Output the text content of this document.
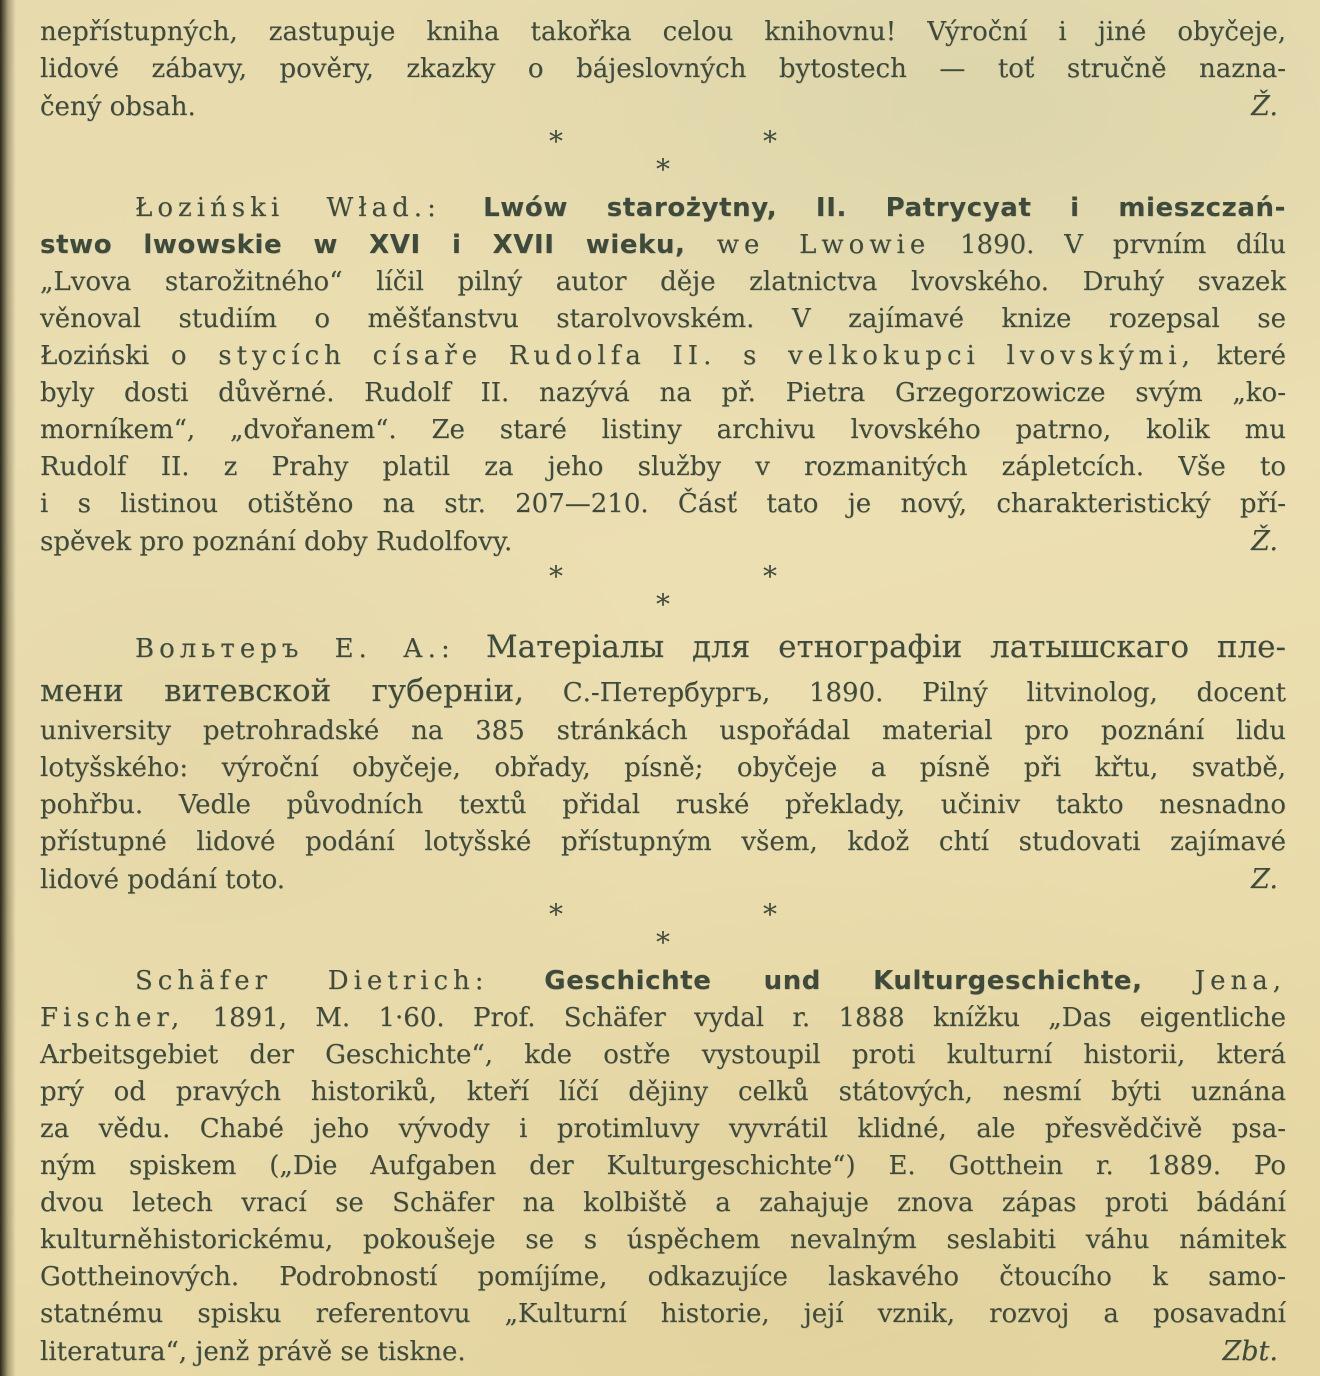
nepřístupných, zastupuje kniha takořka celou knihovnu! Výroční i jiné obyčeje,
lidové zábavy, pověry, zkazky o bájeslovných bytostech — toť stručně nazna-
čený obsah.	Ž.
*	*
*
Łoziński Wład.: Lwów starożytny, II. Patrycyat i mieszczań-
stwo lwowskie w XVI i XVII wieku, we Lwowie 1890. V prvním dílu
„Lvova starožitného“ líčil pilný autor děje zlatnictva lvovského. Druhý svazek
věnoval studiím o měšťanstvu starolvovském. V zajímavé knize rozepsal se
Łoziński o stycích císaře Rudolfa II. s velkokupci lvovskými, které
byly dosti důvěrné. Rudolf II. nazývá na př. Pietra Grzegorzowicze svým „ko-
morníkem“, „dvořanem“. Ze staré listiny archivu lvovského patrno, kolik mu
Rudolf II. z Prahy platil za jeho služby v rozmanitých zápletcích. Vše to
i s listinou otištěno na str. 207—210. Čásť tato je nový, charakteristický pří-
spěvek pro poznání doby Rudolfovy.	Ž.
*	*
*
Вольтеръ Е. А.: Матеріалы для етнографіи латышскаго пле-
мени витевской губерніи, С.-Петербургъ, 1890. Pilný litvinolog, docent
university petrohradské na 385 stránkách uspořádal material pro poznání lidu
lotyšského: výroční obyčeje, obřady, písně; obyčeje a písně při křtu, svatbě,
pohřbu. Vedle původních textů přidal ruské překlady, učiniv takto nesnadno
přístupné lidové podání lotyšské přístupným všem, kdož chtí studovati zajímavé
lidové podání toto.	Z.
*	*
*
Schäfer Dietrich: Geschichte und Kulturgeschichte, Jena,
Fischer, 1891, M. 1·60. Prof. Schäfer vydal r. 1888 knížku „Das eigentliche
Arbeitsgebiet der Geschichte“, kde ostře vystoupil proti kulturní historii, která
prý od pravých historiků, kteří líčí dějiny celků státových, nesmí býti uznána
za vědu. Chabé jeho vývody i protimluvy vyvrátil klidné, ale přesvědčivě psa-
ným spiskem („Die Aufgaben der Kulturgeschichte“) E. Gotthein r. 1889. Po
dvou letech vrací se Schäfer na kolbiště a zahajuje znova zápas proti bádání
kulturněhistorickému, pokoušeje se s úspěchem nevalným seslabiti váhu námitek
Gottheinových. Podrobností pomíjíme, odkazujíce laskavého čtoucího k samo-
statnému spisku referentovu „Kulturní historie, její vznik, rozvoj a posavadní
literatura“, jenž právě se tiskne.	Zbt.
